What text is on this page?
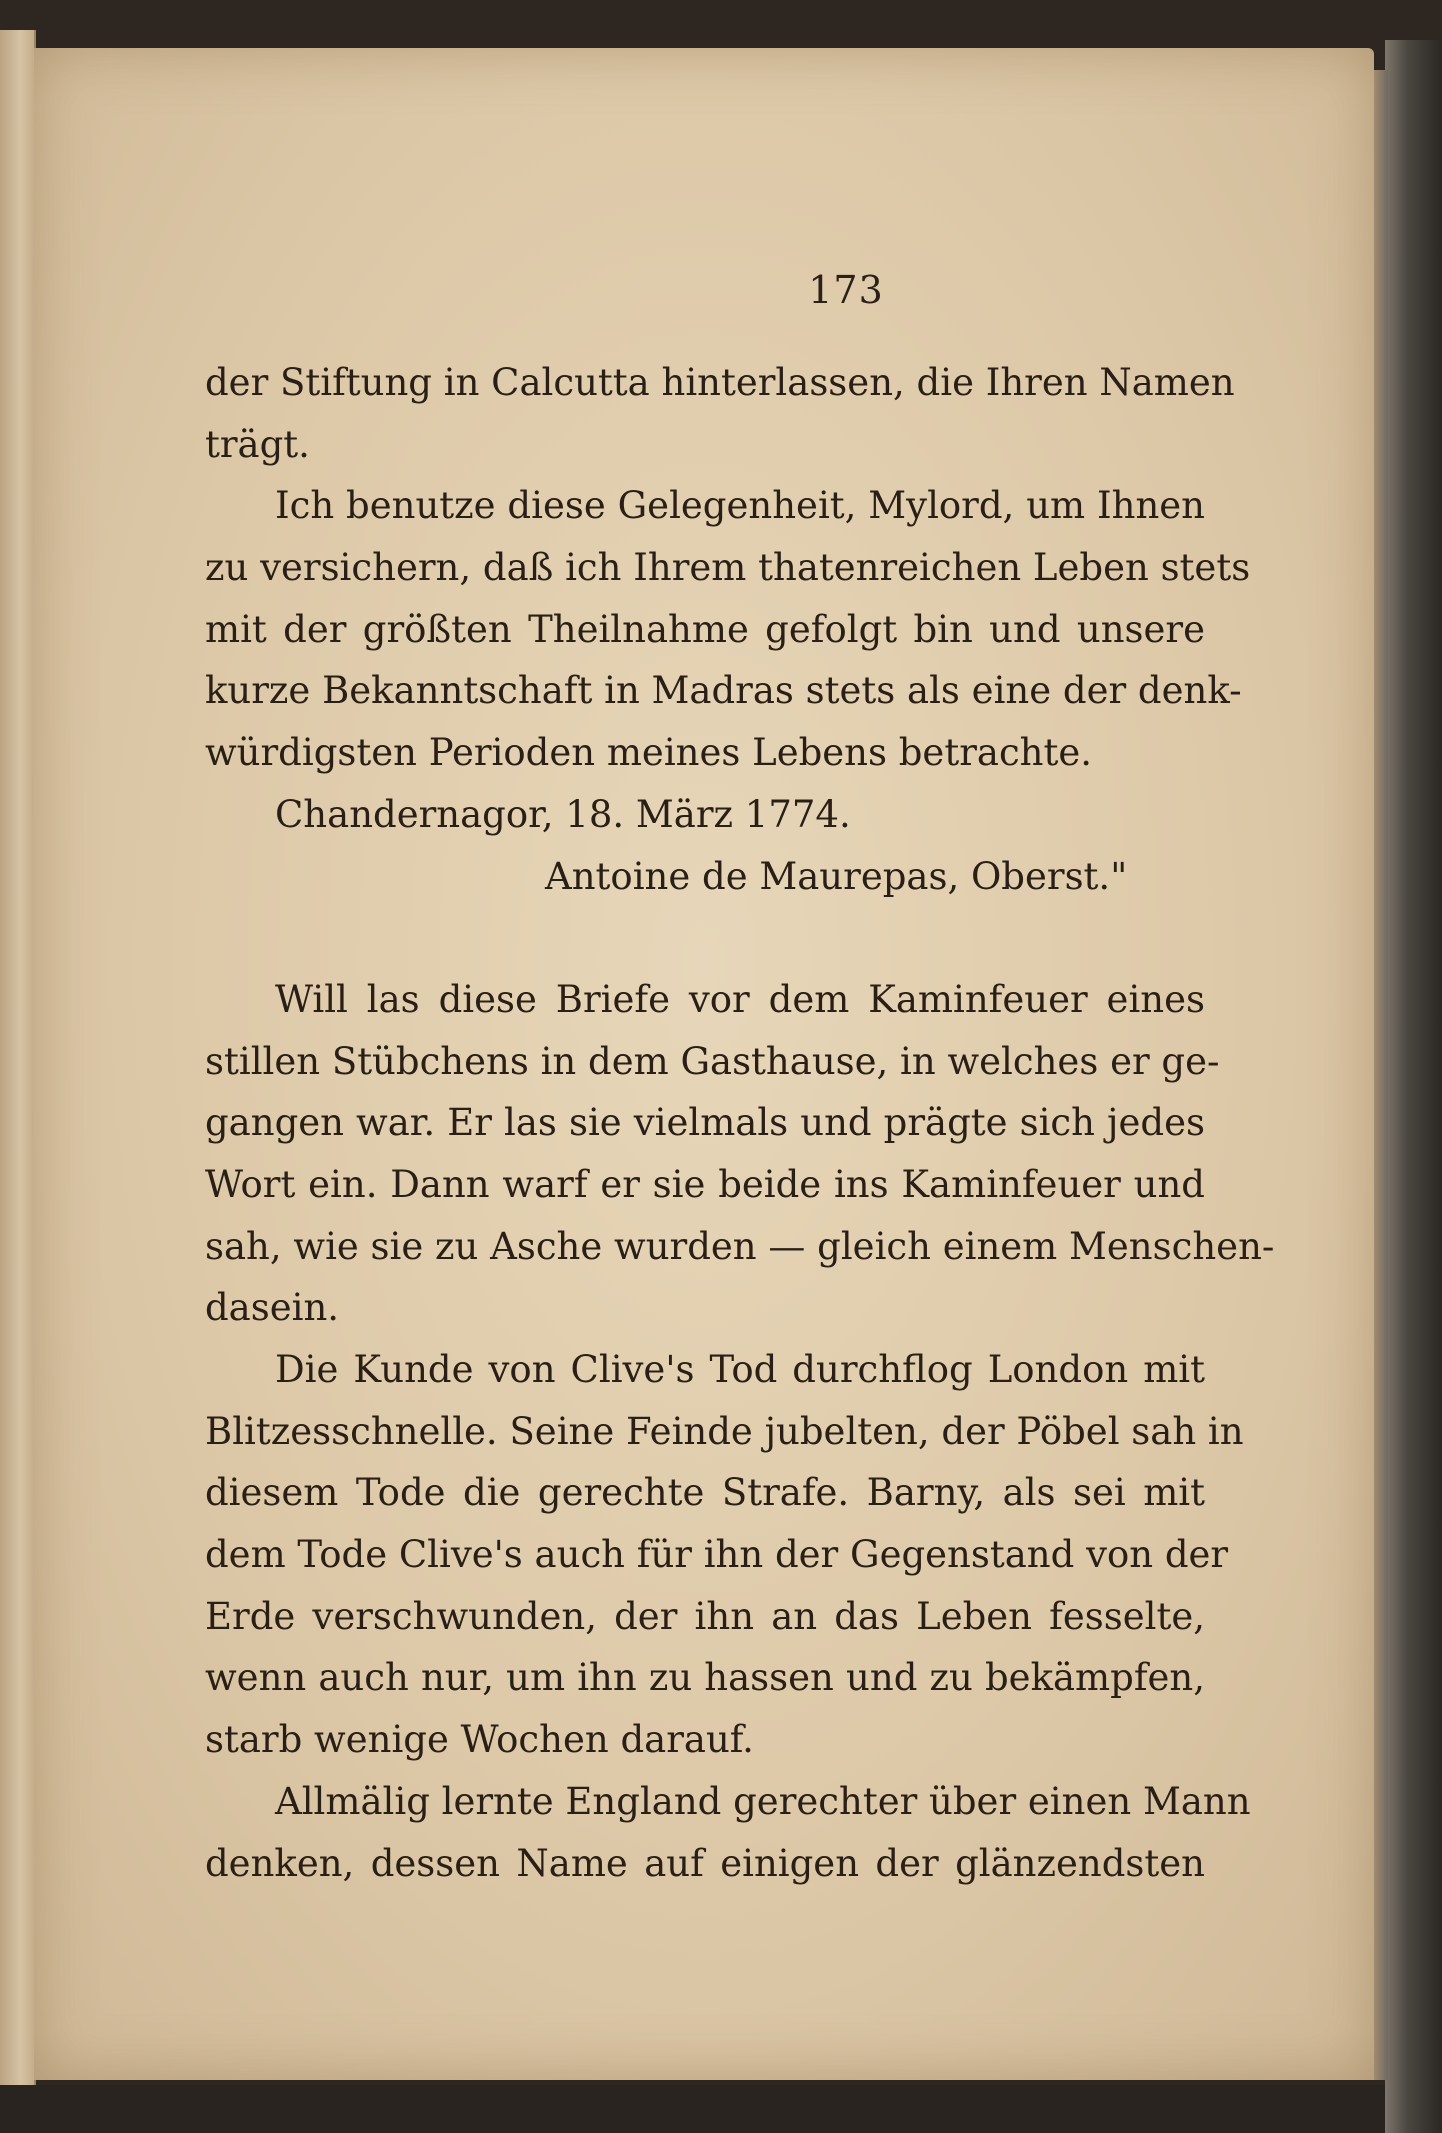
173
der Stiftung in Calcutta hinterlassen, die Ihren Namen
trägt.
Ich benutze diese Gelegenheit, Mylord, um Ihnen
zu versichern, daß ich Ihrem thatenreichen Leben stets
mit der größten Theilnahme gefolgt bin und unsere
kurze Bekanntschaft in Madras stets als eine der denk-
würdigsten Perioden meines Lebens betrachte.
Chandernagor, 18. März 1774.
Antoine de Maurepas, Oberst."
Will las diese Briefe vor dem Kaminfeuer eines
stillen Stübchens in dem Gasthause, in welches er ge-
gangen war. Er las sie vielmals und prägte sich jedes
Wort ein. Dann warf er sie beide ins Kaminfeuer und
sah, wie sie zu Asche wurden — gleich einem Menschen-
dasein.
Die Kunde von Clive's Tod durchflog London mit
Blitzesschnelle. Seine Feinde jubelten, der Pöbel sah in
diesem Tode die gerechte Strafe. Barny, als sei mit
dem Tode Clive's auch für ihn der Gegenstand von der
Erde verschwunden, der ihn an das Leben fesselte,
wenn auch nur, um ihn zu hassen und zu bekämpfen,
starb wenige Wochen darauf.
Allmälig lernte England gerechter über einen Mann
denken, dessen Name auf einigen der glänzendsten
